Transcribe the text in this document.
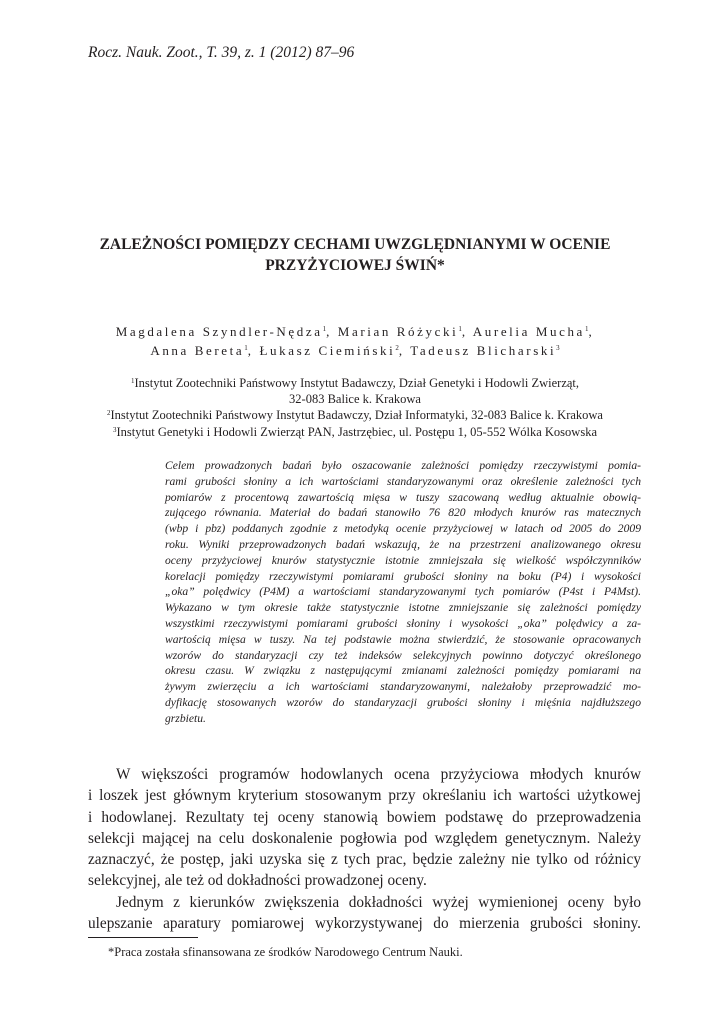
Rocz. Nauk. Zoot., T. 39, z. 1 (2012) 87–96
ZALEŻNOŚCI POMIĘDZY CECHAMI UWZGLĘDNIANYMI W OCENIE
PRZYŻYCIOWEJ ŚWIŃ*
Magdalena Szyndler-Nędza$^1$, Marian Różycki$^1$, Aurelia Mucha$^1$,
Anna Bereta$^1$, Łukasz Ciemiński$^2$, Tadeusz Blicharski$^3$
$^1$Instytut Zootechniki Państwowy Instytut Badawczy, Dział Genetyki i Hodowli Zwierząt,
32-083 Balice k. Krakowa
$^2$Instytut Zootechniki Państwowy Instytut Badawczy, Dział Informatyki, 32-083 Balice k. Krakowa
$^3$Instytut Genetyki i Hodowli Zwierząt PAN, Jastrzębiec, ul. Postępu 1, 05-552 Wólka Kosowska
Celem prowadzonych badań było oszacowanie zależności pomiędzy rzeczywistymi pomia-
rami grubości słoniny a ich wartościami standaryzowanymi oraz określenie zależności tych
pomiarów z procentową zawartością mięsa w tuszy szacowaną według aktualnie obowią-
zującego równania. Materiał do badań stanowiło 76 820 młodych knurów ras matecznych
(wbp i pbz) poddanych zgodnie z metodyką ocenie przyżyciowej w latach od 2005 do 2009
roku. Wyniki przeprowadzonych badań wskazują, że na przestrzeni analizowanego okresu
oceny przyżyciowej knurów statystycznie istotnie zmniejszała się wielkość współczynników
korelacji pomiędzy rzeczywistymi pomiarami grubości słoniny na boku (P4) i wysokości
„oka” polędwicy (P4M) a wartościami standaryzowanymi tych pomiarów (P4st i P4Mst).
Wykazano w tym okresie także statystycznie istotne zmniejszanie się zależności pomiędzy
wszystkimi rzeczywistymi pomiarami grubości słoniny i wysokości „oka” polędwicy a za-
wartością mięsa w tuszy. Na tej podstawie można stwierdzić, że stosowanie opracowanych
wzorów do standaryzacji czy też indeksów selekcyjnych powinno dotyczyć określonego
okresu czasu. W związku z następującymi zmianami zależności pomiędzy pomiarami na
żywym zwierzęciu a ich wartościami standaryzowanymi, należałoby przeprowadzić mo-
dyfikację stosowanych wzorów do standaryzacji grubości słoniny i mięśnia najdłuższego
grzbietu.
W większości programów hodowlanych ocena przyżyciowa młodych knurów
i loszek jest głównym kryterium stosowanym przy określaniu ich wartości użytkowej
i hodowlanej. Rezultaty tej oceny stanowią bowiem podstawę do przeprowadzenia
selekcji mającej na celu doskonalenie pogłowia pod względem genetycznym. Należy
zaznaczyć, że postęp, jaki uzyska się z tych prac, będzie zależny nie tylko od różnicy
selekcyjnej, ale też od dokładności prowadzonej oceny.
Jednym z kierunków zwiększenia dokładności wyżej wymienionej oceny było
ulepszanie aparatury pomiarowej wykorzystywanej do mierzenia grubości słoniny.
*Praca została sfinansowana ze środków Narodowego Centrum Nauki.
